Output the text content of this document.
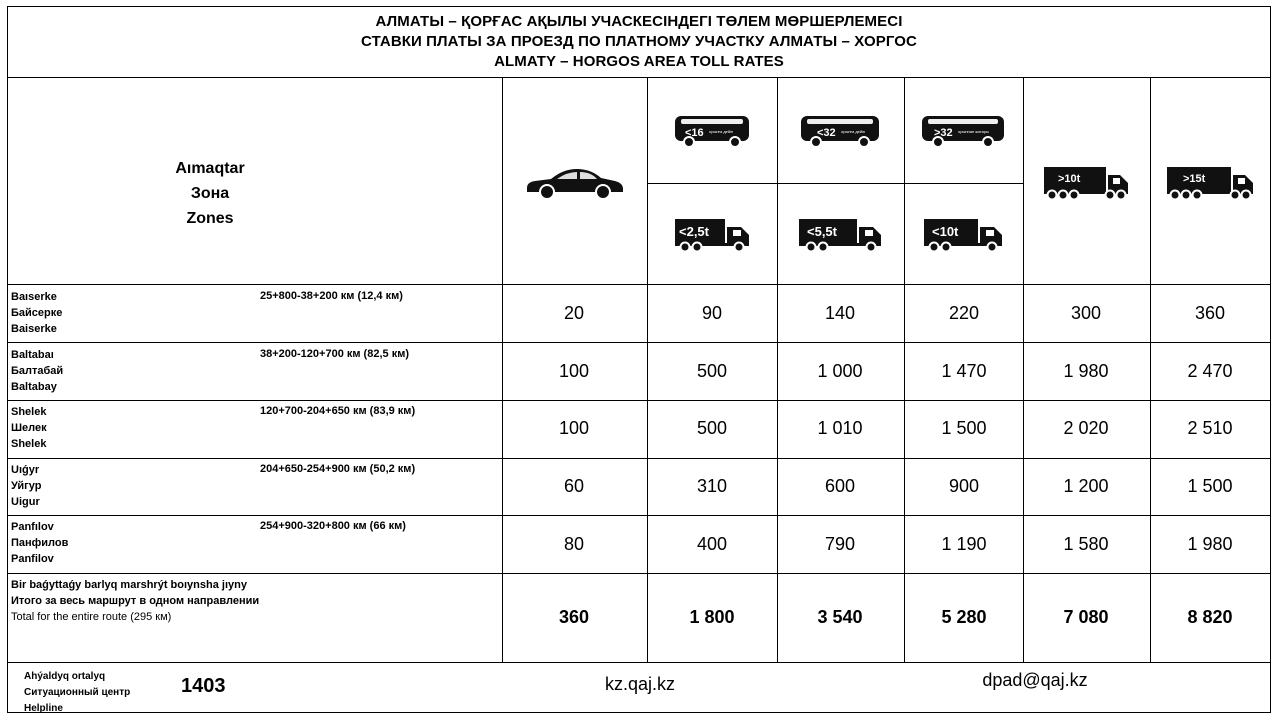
АЛМАТЫ – ҚОРҒАС АҚЫЛЫ УЧАСКЕСІНДЕГІ ТӨЛЕМ МӨРШЕРЛЕМЕСІ
СТАВКИ ПЛАТЫ ЗА ПРОЕЗД ПО ПЛАТНОМУ УЧАСТКУ АЛМАТЫ – ХОРГОС
ALMATY – HORGOS AREA TOLL RATES
Aımaqtar
Зона
Zones
<16 орынға дейін	<32 орынға дейін	>32 орыннан жоғары
<2,5t	<5,5t	<10t
>10t	>15t
Baıserke
Байсерке
Baiserke
25+800-38+200 км (12,4 км)
20	90	140	220	300	360
Baltabaı
Балтабай
Baltabay
38+200-120+700 км (82,5 км)
100	500	1 000	1 470	1 980	2 470
Shelek
Шелек
Shelek
120+700-204+650 км (83,9 км)
100	500	1 010	1 500	2 020	2 510
Uıǵyr
Уйгур
Uigur
204+650-254+900 км (50,2 км)
60	310	600	900	1 200	1 500
Panfılov
Панфилов
Panfilov
254+900-320+800 км (66 км)
80	400	790	1 190	1 580	1 980
Bir baǵyttaǵy barlyq marshrýt boıynsha jıyny
Итого за весь маршрут в одном направлении
Total for the entire route (295 км)	360	1 800	3 540	5 280	7 080	8 820
Ahýaldyq ortalyq
Ситуационный центр
Helpline
1403	kz.qaj.kz	dpad@qaj.kz
